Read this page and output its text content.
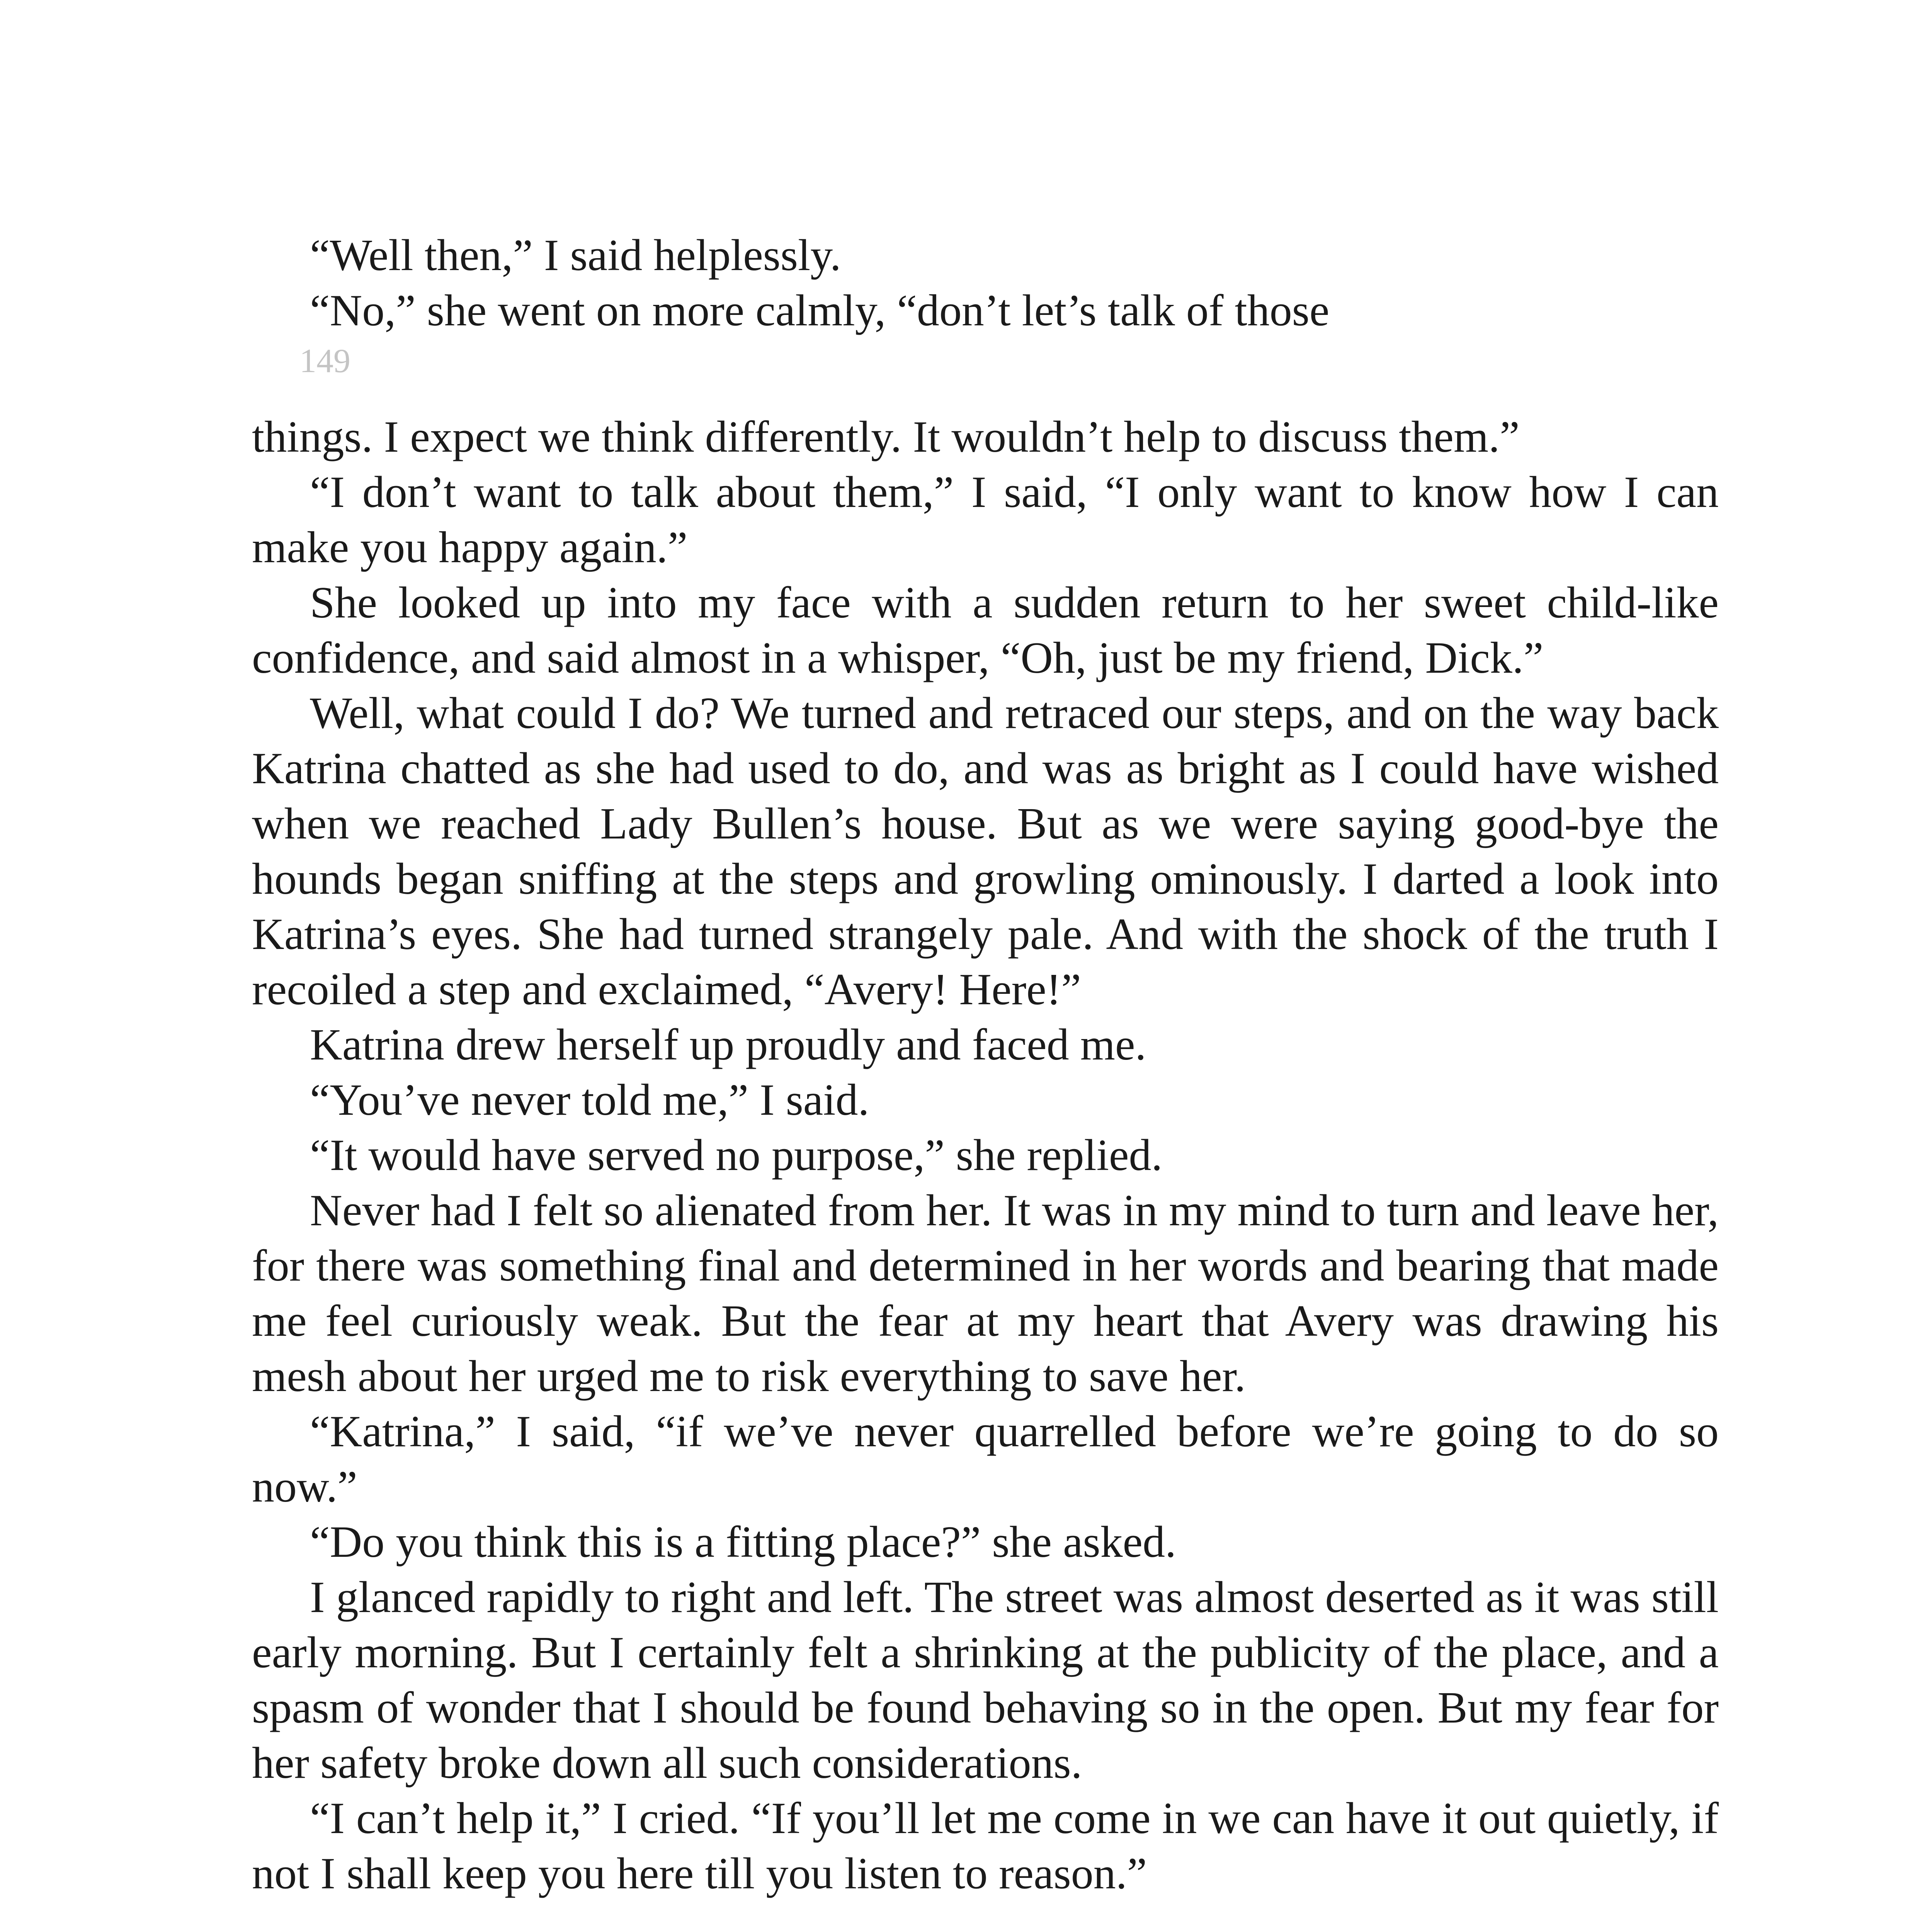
“Well then,” I said helplessly.

“No,” she went on more calmly, “don’t let’s talk of those

149

things. I expect we think differently. It wouldn’t help to discuss them.”

“I don’t want to talk about them,” I said, “I only want to know how I can make you happy again.”

She looked up into my face with a sudden return to her sweet child-like confidence, and said almost in a whisper, “Oh, just be my friend, Dick.”

Well, what could I do? We turned and retraced our steps, and on the way back Katrina chatted as she had used to do, and was as bright as I could have wished when we reached Lady Bullen’s house. But as we were saying good-bye the hounds began sniffing at the steps and growling ominously. I darted a look into Katrina’s eyes. She had turned strangely pale. And with the shock of the truth I recoiled a step and exclaimed, “Avery! Here!”

Katrina drew herself up proudly and faced me.

“You’ve never told me,” I said.

“It would have served no purpose,” she replied.

Never had I felt so alienated from her. It was in my mind to turn and leave her, for there was something final and determined in her words and bearing that made me feel curiously weak. But the fear at my heart that Avery was drawing his mesh about her urged me to risk everything to save her.

“Katrina,” I said, “if we’ve never quarrelled before we’re going to do so now.”

“Do you think this is a fitting place?” she asked.

I glanced rapidly to right and left. The street was almost deserted as it was still early morning. But I certainly felt a shrinking at the publicity of the place, and a spasm of wonder that I should be found behaving so in the open. But my fear for her safety broke down all such considerations.

“I can’t help it,” I cried. “If you’ll let me come in we can have it out quietly, if not I shall keep you here till you listen to reason.”
